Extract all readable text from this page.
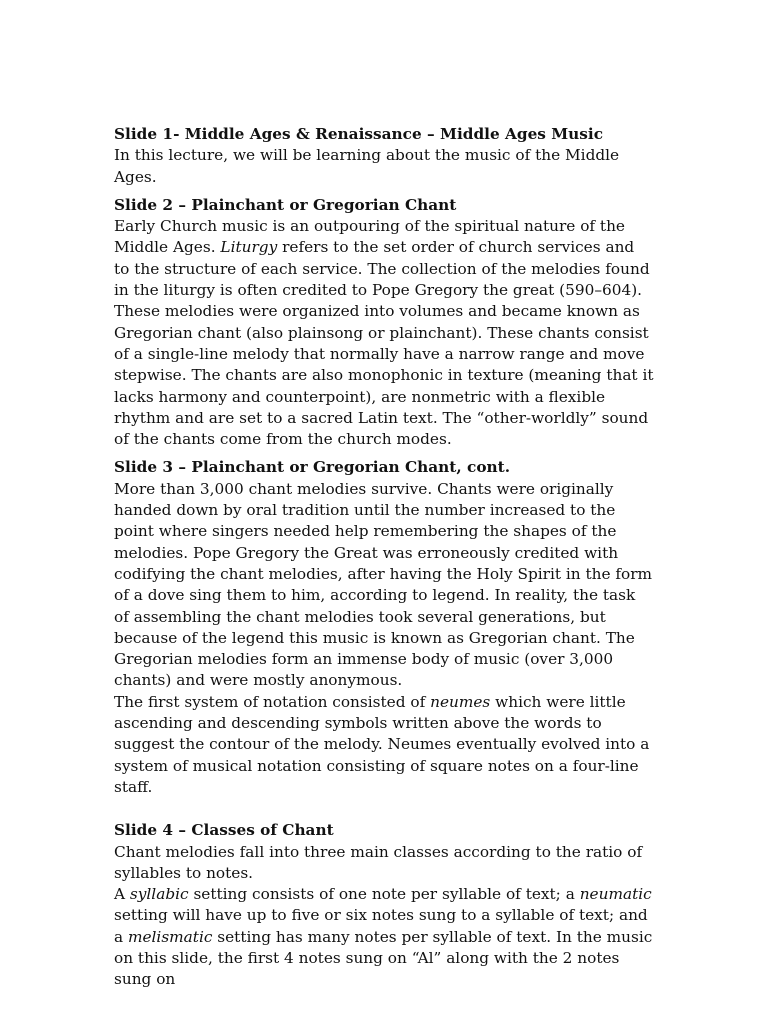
Slide 1- Middle Ages & Renaissance – Middle Ages Music

In this lecture, we will be learning about the music of the Middle Ages.

Slide 2 – Plainchant or Gregorian Chant

Early Church music is an outpouring of the spiritual nature of the Middle Ages. Liturgy refers to the set order of church services and to the structure of each service. The collection of the melodies found in the liturgy is often credited to Pope Gregory the great (590–604). These melodies were organized into volumes and became known as Gregorian chant (also plainsong or plainchant). These chants consist of a single-line melody that normally have a narrow range and move stepwise. The chants are also monophonic in texture (meaning that it lacks harmony and counterpoint), are nonmetric with a flexible rhythm and are set to a sacred Latin text. The “other-worldly” sound of the chants come from the church modes.

Slide 3 – Plainchant or Gregorian Chant, cont.

More than 3,000 chant melodies survive. Chants were originally handed down by oral tradition until the number increased to the point where singers needed help remembering the shapes of the melodies. Pope Gregory the Great was erroneously credited with codifying the chant melodies, after having the Holy Spirit in the form of a dove sing them to him, according to legend. In reality, the task of assembling the chant melodies took several generations, but because of the legend this music is known as Gregorian chant. The Gregorian melodies form an immense body of music (over 3,000 chants) and were mostly anonymous.

The first system of notation consisted of neumes which were little ascending and descending symbols written above the words to suggest the contour of the melody. Neumes eventually evolved into a system of musical notation consisting of square notes on a four-line staff.

Slide 4 – Classes of Chant

Chant melodies fall into three main classes according to the ratio of syllables to notes.

A syllabic setting consists of one note per syllable of text; a neumatic setting will have up to five or six notes sung to a syllable of text; and a melismatic setting has many notes per syllable of text. In the music on this slide, the first 4 notes sung on “Al” along with the 2 notes sung on
